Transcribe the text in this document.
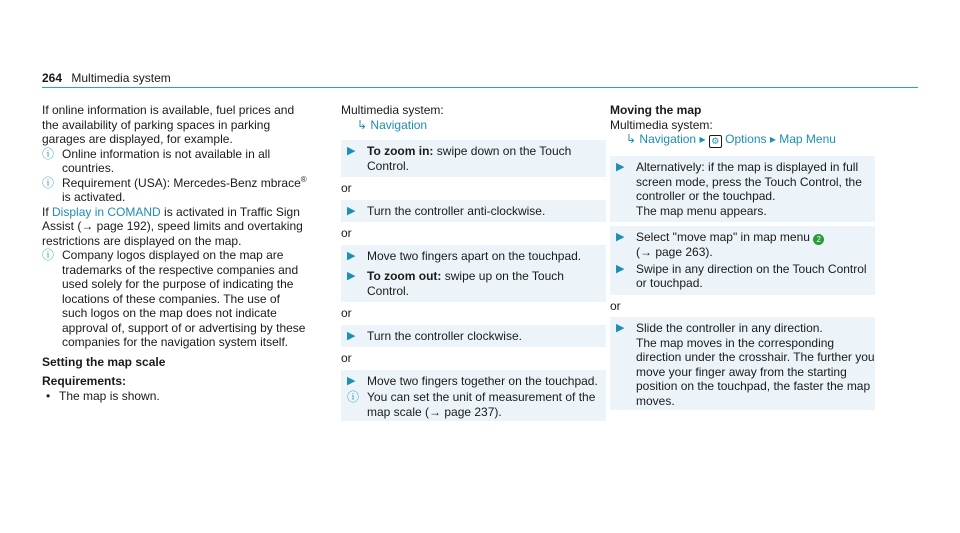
264 Multimedia system

If online information is available, fuel prices and the availability of parking spaces in parking garages are displayed, for example.

ⓘ Online information is not available in all countries.
ⓘ Requirement (USA): Mercedes-Benz mbrace® is activated.

If Display in COMAND is activated in Traffic Sign Assist (→ page 192), speed limits and overtaking restrictions are displayed on the map.

ⓘ Company logos displayed on the map are trademarks of the respective companies and used solely for the purpose of indicating the locations of these companies. The use of such logos on the map does not indicate approval of, support of or advertising by these companies for the navigation system itself.

Setting the map scale

Requirements:

• The map is shown.

Multimedia system:

↳ Navigation

▶ To zoom in: swipe down on the Touch Control.

or

▶ Turn the controller anti-clockwise.

or

▶ Move two fingers apart on the touchpad.
▶ To zoom out: swipe up on the Touch Control.

or

▶ Turn the controller clockwise.

or

▶ Move two fingers together on the touchpad.
ⓘ You can set the unit of measurement of the map scale (→ page 237).

Moving the map

Multimedia system:

↳ Navigation ▸ ⚙ Options ▸ Map Menu

▶ Alternatively: if the map is displayed in full screen mode, press the Touch Control, the controller or the touchpad.
The map menu appears.
▶ Select "move map" in map menu 2
(→ page 263).
▶ Swipe in any direction on the Touch Control or touchpad.

or

▶ Slide the controller in any direction.
The map moves in the corresponding direction under the crosshair. The further you move your finger away from the starting position on the touchpad, the faster the map moves.
